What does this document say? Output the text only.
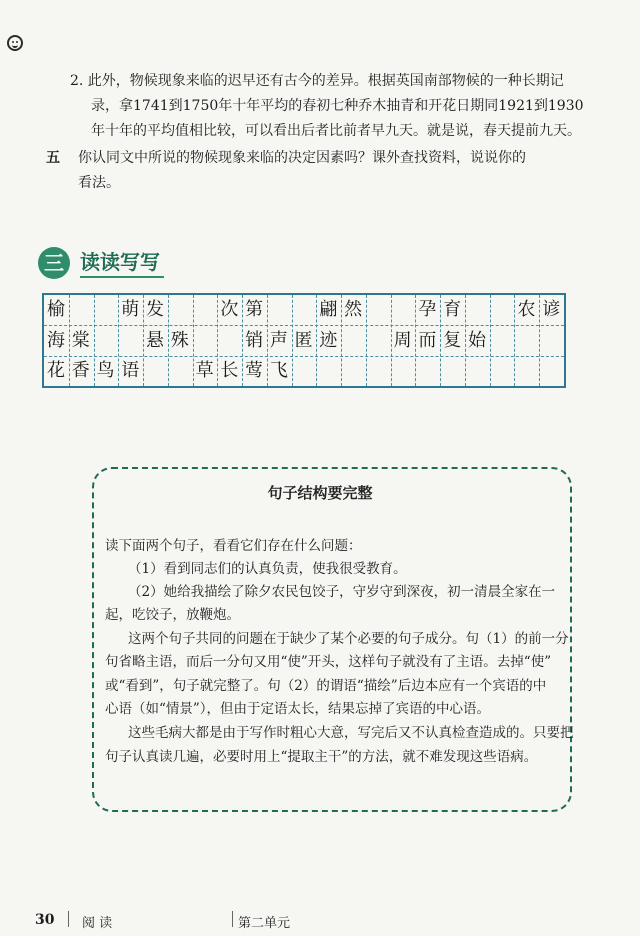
2. 此外，物候现象来临的迟早还有古今的差异。根据英国南部物候的一种长期记
录，拿1741到1750年十年平均的春初七种乔木抽青和开花日期同1921到1930
年十年的平均值相比较，可以看出后者比前者早九天。就是说，春天提前九天。
五 你认同文中所说的物候现象来临的决定因素吗？课外查找资料，说说你的
看法。
三 读读写写
榆	萌 发	次 第	翩 然	孕 育	农 谚
海 棠	悬 殊	销 声 匿 迹	周 而 复 始
花 香 鸟 语	草 长 莺 飞
句子结构要完整
读下面两个句子，看看它们存在什么问题：
（1）看到同志们的认真负责，使我很受教育。
（2）她给我描绘了除夕农民包饺子，守岁守到深夜，初一清晨全家在一
起，吃饺子，放鞭炮。
这两个句子共同的问题在于缺少了某个必要的句子成分。句（1）的前一分
句省略主语，而后一分句又用“使”开头，这样句子就没有了主语。去掉“使”
或“看到”，句子就完整了。句（2）的谓语“描绘”后边本应有一个宾语的中
心语（如“情景”），但由于定语太长，结果忘掉了宾语的中心语。
这些毛病大都是由于写作时粗心大意，写完后又不认真检查造成的。只要把
句子认真读几遍，必要时用上“提取主干”的方法，就不难发现这些语病。
30 阅 读	第二单元
